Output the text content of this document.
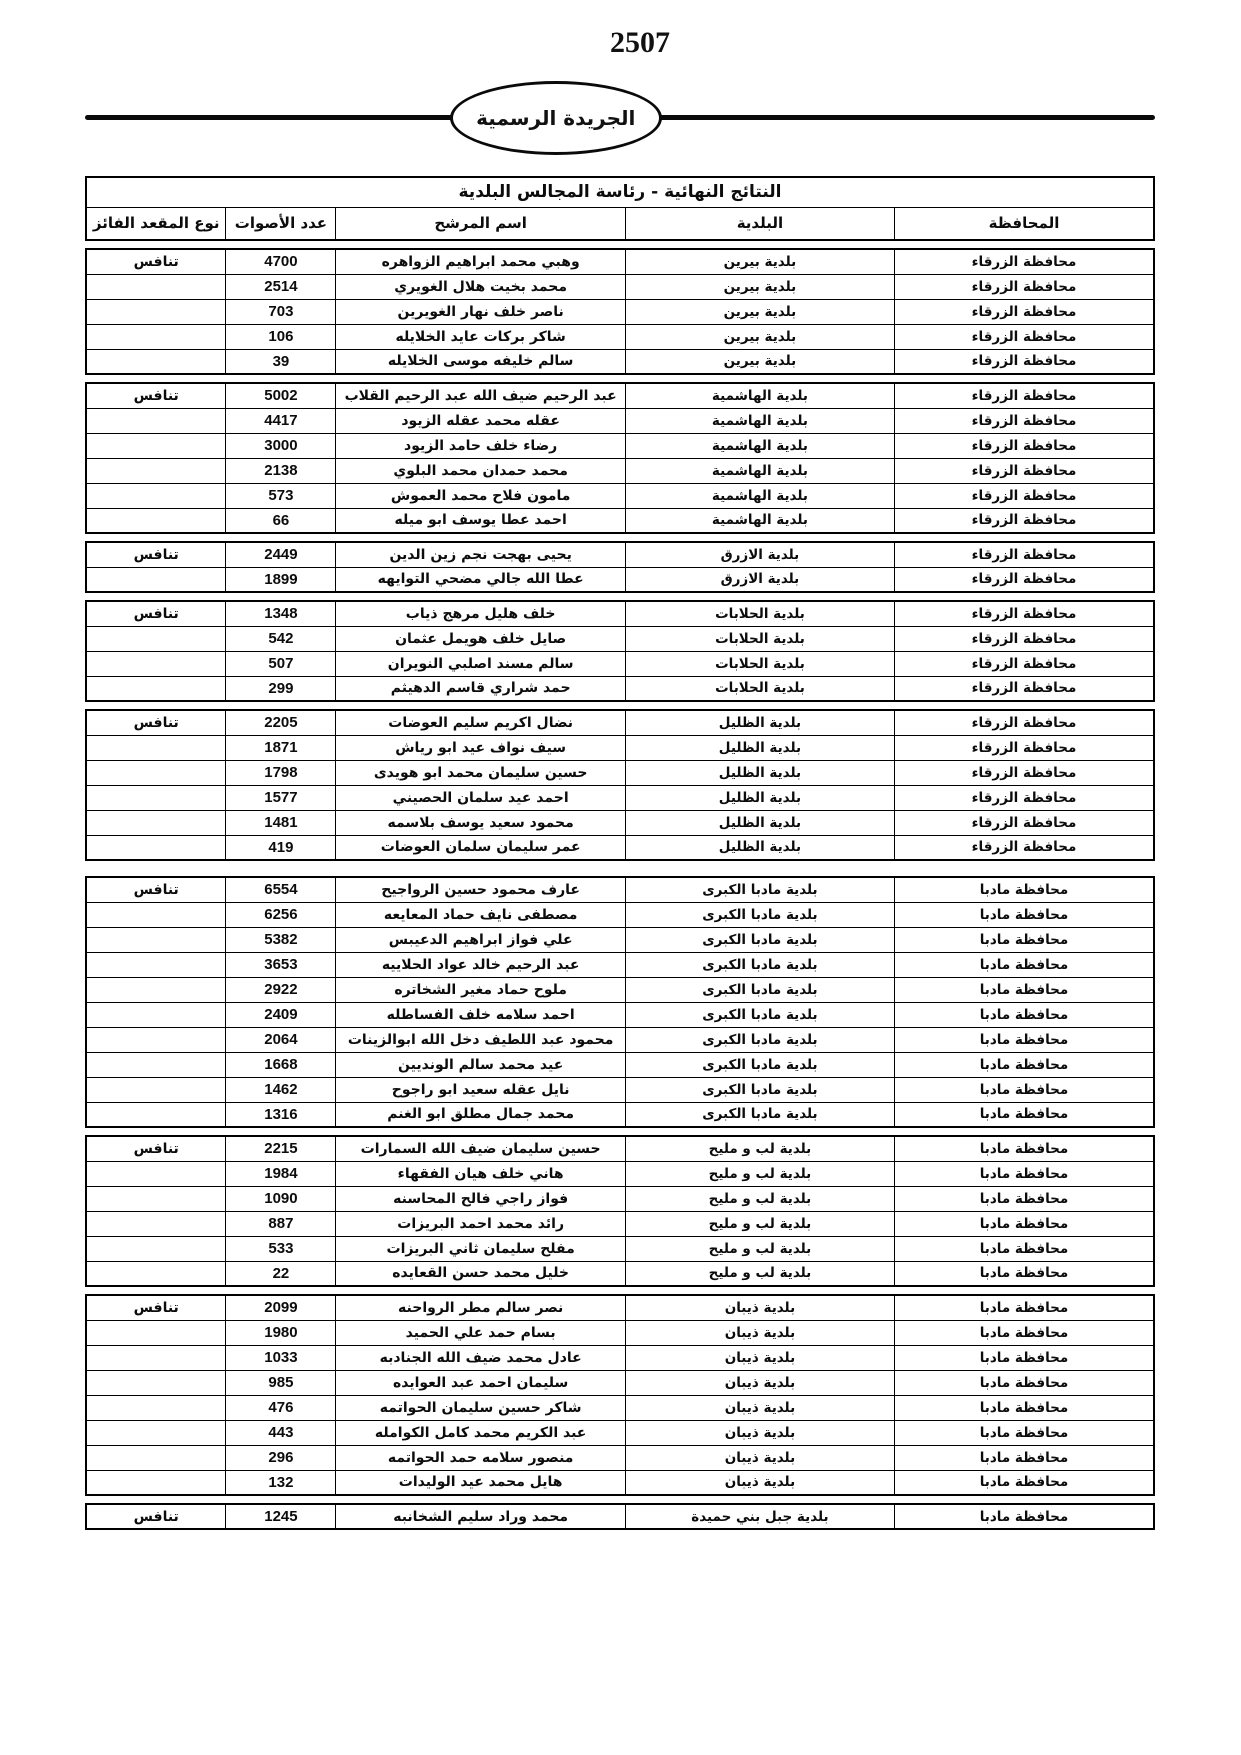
2507
الجريدة الرسمية
النتائج النهائية - رئاسة المجالس البلدية
المحافظة	البلدية	اسم المرشح	عدد الأصوات	نوع المقعد الفائز
محافظة الزرقاء	بلدية بيرين	وهبي محمد ابراهيم الزواهره	4700	تنافس
محافظة الزرقاء	بلدية بيرين	محمد بخيت هلال الغويري	2514	
محافظة الزرقاء	بلدية بيرين	ناصر خلف نهار الغويرين	703	
محافظة الزرقاء	بلدية بيرين	شاكر بركات عايد الخلايله	106	
محافظة الزرقاء	بلدية بيرين	سالم خليفه موسى الخلايله	39	
محافظة الزرقاء	بلدية الهاشمية	عبد الرحيم ضيف الله عبد الرحيم القلاب	5002	تنافس
محافظة الزرقاء	بلدية الهاشمية	عقله محمد عقله الزيود	4417	
محافظة الزرقاء	بلدية الهاشمية	رضاء خلف حامد الزيود	3000	
محافظة الزرقاء	بلدية الهاشمية	محمد حمدان محمد البلوي	2138	
محافظة الزرقاء	بلدية الهاشمية	مامون فلاح محمد العموش	573	
محافظة الزرقاء	بلدية الهاشمية	احمد عطا يوسف ابو ميله	66	
محافظة الزرقاء	بلدية الازرق	يحيى بهجت نجم زين الدين	2449	تنافس
محافظة الزرقاء	بلدية الازرق	عطا الله جالي مضحي التوايهه	1899	
محافظة الزرقاء	بلدية الحلابات	خلف هليل مرهج ذياب	1348	تنافس
محافظة الزرقاء	بلدية الحلابات	صايل خلف هويمل عثمان	542	
محافظة الزرقاء	بلدية الحلابات	سالم مسند اصلبي النويران	507	
محافظة الزرقاء	بلدية الحلابات	حمد شراري قاسم الدهيثم	299	
محافظة الزرقاء	بلدية الظليل	نضال اكريم سليم العوضات	2205	تنافس
محافظة الزرقاء	بلدية الظليل	سيف نواف عيد ابو رياش	1871	
محافظة الزرقاء	بلدية الظليل	حسين سليمان محمد ابو هويدى	1798	
محافظة الزرقاء	بلدية الظليل	احمد عيد سلمان الحصيني	1577	
محافظة الزرقاء	بلدية الظليل	محمود سعيد يوسف بلاسمه	1481	
محافظة الزرقاء	بلدية الظليل	عمر سليمان سلمان العوضات	419	
محافظة مادبا	بلدية مادبا الكبرى	عارف محمود حسين الرواجيح	6554	تنافس
محافظة مادبا	بلدية مادبا الكبرى	مصطفى نايف حماد المعايعه	6256	
محافظة مادبا	بلدية مادبا الكبرى	علي فواز ابراهيم الدعيبس	5382	
محافظة مادبا	بلدية مادبا الكبرى	عبد الرحيم خالد عواد الحلاييه	3653	
محافظة مادبا	بلدية مادبا الكبرى	ملوح حماد مغير الشخاتره	2922	
محافظة مادبا	بلدية مادبا الكبرى	احمد سلامه خلف الفساطله	2409	
محافظة مادبا	بلدية مادبا الكبرى	محمود عبد اللطيف دخل الله ابوالزينات	2064	
محافظة مادبا	بلدية مادبا الكبرى	عيد محمد سالم الونديين	1668	
محافظة مادبا	بلدية مادبا الكبرى	نايل عقله سعيد ابو راجوح	1462	
محافظة مادبا	بلدية مادبا الكبرى	محمد جمال مطلق ابو الغنم	1316	
محافظة مادبا	بلدية لب و مليح	حسين سليمان ضيف الله السمارات	2215	تنافس
محافظة مادبا	بلدية لب و مليح	هاني خلف هيان الفقهاء	1984	
محافظة مادبا	بلدية لب و مليح	فواز راجي فالح المحاسنه	1090	
محافظة مادبا	بلدية لب و مليح	رائد محمد احمد البريزات	887	
محافظة مادبا	بلدية لب و مليح	مفلح سليمان ثاني البريزات	533	
محافظة مادبا	بلدية لب و مليح	خليل محمد حسن القعايده	22	
محافظة مادبا	بلدية ذيبان	نصر سالم مطر الرواحنه	2099	تنافس
محافظة مادبا	بلدية ذيبان	بسام حمد علي الحميد	1980	
محافظة مادبا	بلدية ذيبان	عادل محمد ضيف الله الجنادبه	1033	
محافظة مادبا	بلدية ذيبان	سليمان احمد عبد العوايده	985	
محافظة مادبا	بلدية ذيبان	شاكر حسين سليمان الحواتمه	476	
محافظة مادبا	بلدية ذيبان	عبد الكريم محمد كامل الكوامله	443	
محافظة مادبا	بلدية ذيبان	منصور سلامه حمد الحواتمه	296	
محافظة مادبا	بلدية ذيبان	هايل محمد عيد الوليدات	132	
محافظة مادبا	بلدية جبل بني حميدة	محمد وراد سليم الشخانبه	1245	تنافس
